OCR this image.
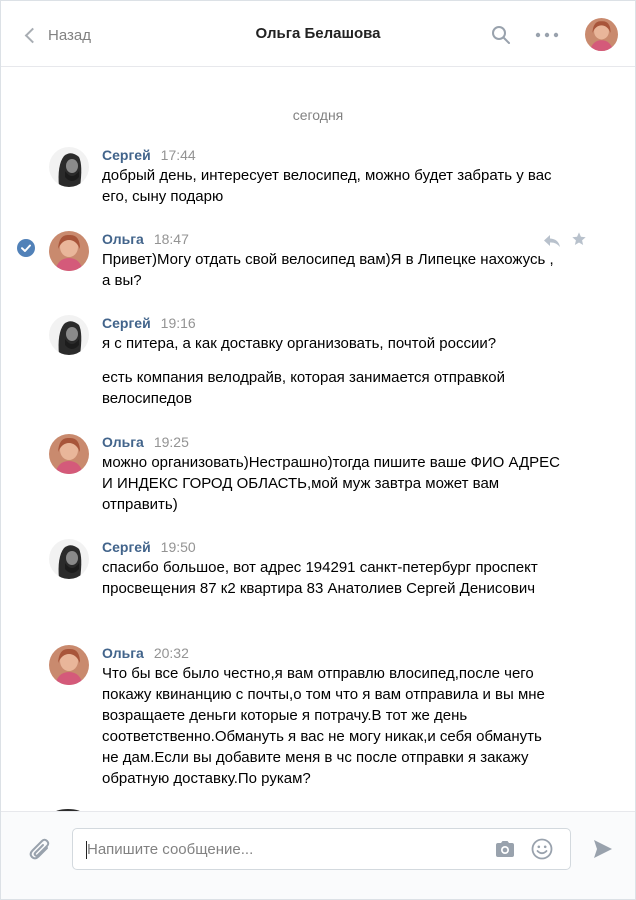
Назад	Ольга Белашова
сегодня
Сергей 17:44
добрый день, интересует велосипед, можно будет забрать у вас его, сыну подарю
Ольга 18:47
Привет)Могу отдать свой велосипед вам)Я в Липецке нахожусь , а вы?
Сергей 19:16
я с питера, а как доставку организовать, почтой россии?
есть компания велодрайв, которая занимается отправкой велосипедов
Ольга 19:25
можно организовать)Нестрашно)тогда пишите ваше ФИО АДРЕС И ИНДЕКС ГОРОД ОБЛАСТЬ,мой муж завтра может вам отправить)
Сергей 19:50
спасибо большое, вот адрес 194291 санкт-петербург проспект просвещения 87 к2 квартира 83 Анатолиев Сергей Денисович
Ольга 20:32
Что бы все было честно,я вам отправлю влосипед,после чего покажу квинанцию с почты,о том что я вам отправила и вы мне возращаете деньги которые я потрачу.В тот же день соответственно.Обмануть я вас не могу никак,и себя обмануть не дам.Если вы добавите меня в чс после отправки я закажу обратную доставку.По рукам?
Напишите сообщение...
